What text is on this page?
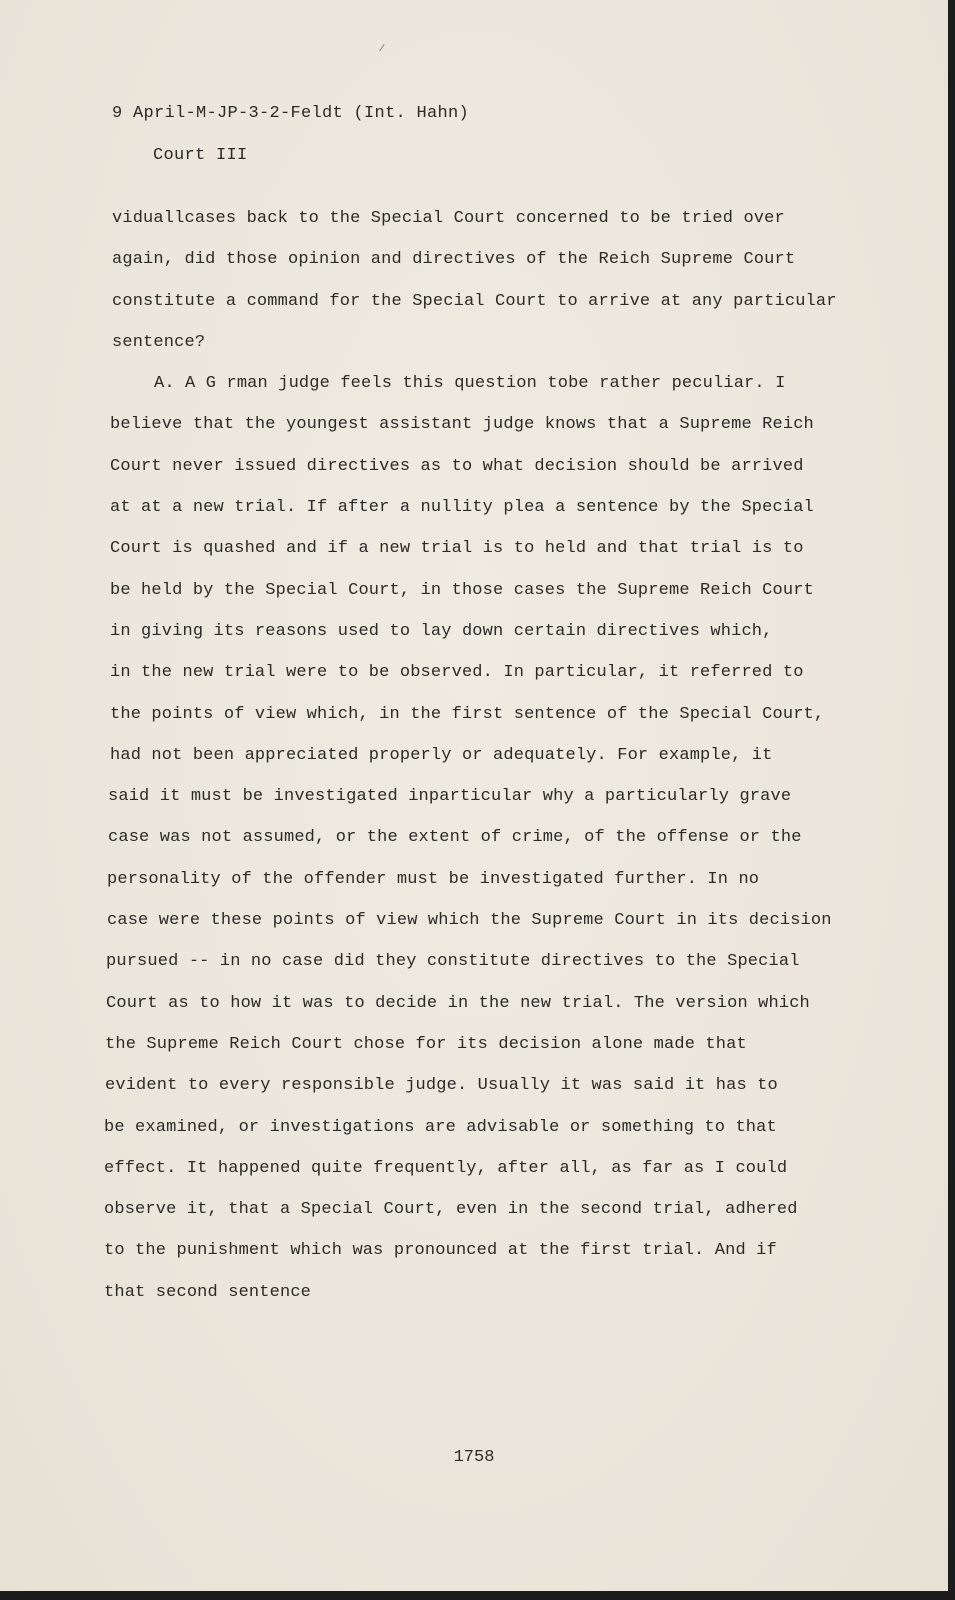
9 April-M-JP-3-2-Feldt (Int. Hahn)
Court III
viduallcases back to the Special Court concerned to be tried over
again, did those opinion and directives of the Reich Supreme Court
constitute a command for the Special Court to arrive at any particular
sentence?
A. A G rman judge feels this question tobe rather peculiar. I
believe that the youngest assistant judge knows that a Supreme Reich
Court never issued directives as to what decision should be arrived
at at a new trial. If after a nullity plea a sentence by the Special
Court is quashed and if a new trial is to held and that trial is to
be held by the Special Court, in those cases the Supreme Reich Court
in giving its reasons used to lay down certain directives which,
in the new trial were to be observed. In particular, it referred to
the points of view which, in the first sentence of the Special Court,
had not been appreciated properly or adequately. For example, it
said it must be investigated inparticular why a particularly grave
case was not assumed, or the extent of crime, of the offense or the
personality of the offender must be investigated further. In no
case were these points of view which the Supreme Court in its decision
pursued -- in no case did they constitute directives to the Special
Court as to how it was to decide in the new trial. The version which
the Supreme Reich Court chose for its decision alone made that
evident to every responsible judge. Usually it was said it has to
be examined, or investigations are advisable or something to that
effect. It happened quite frequently, after all, as far as I could
observe it, that a Special Court, even in the second trial, adhered
to the punishment which was pronounced at the first trial. And if
that second sentence
1758
